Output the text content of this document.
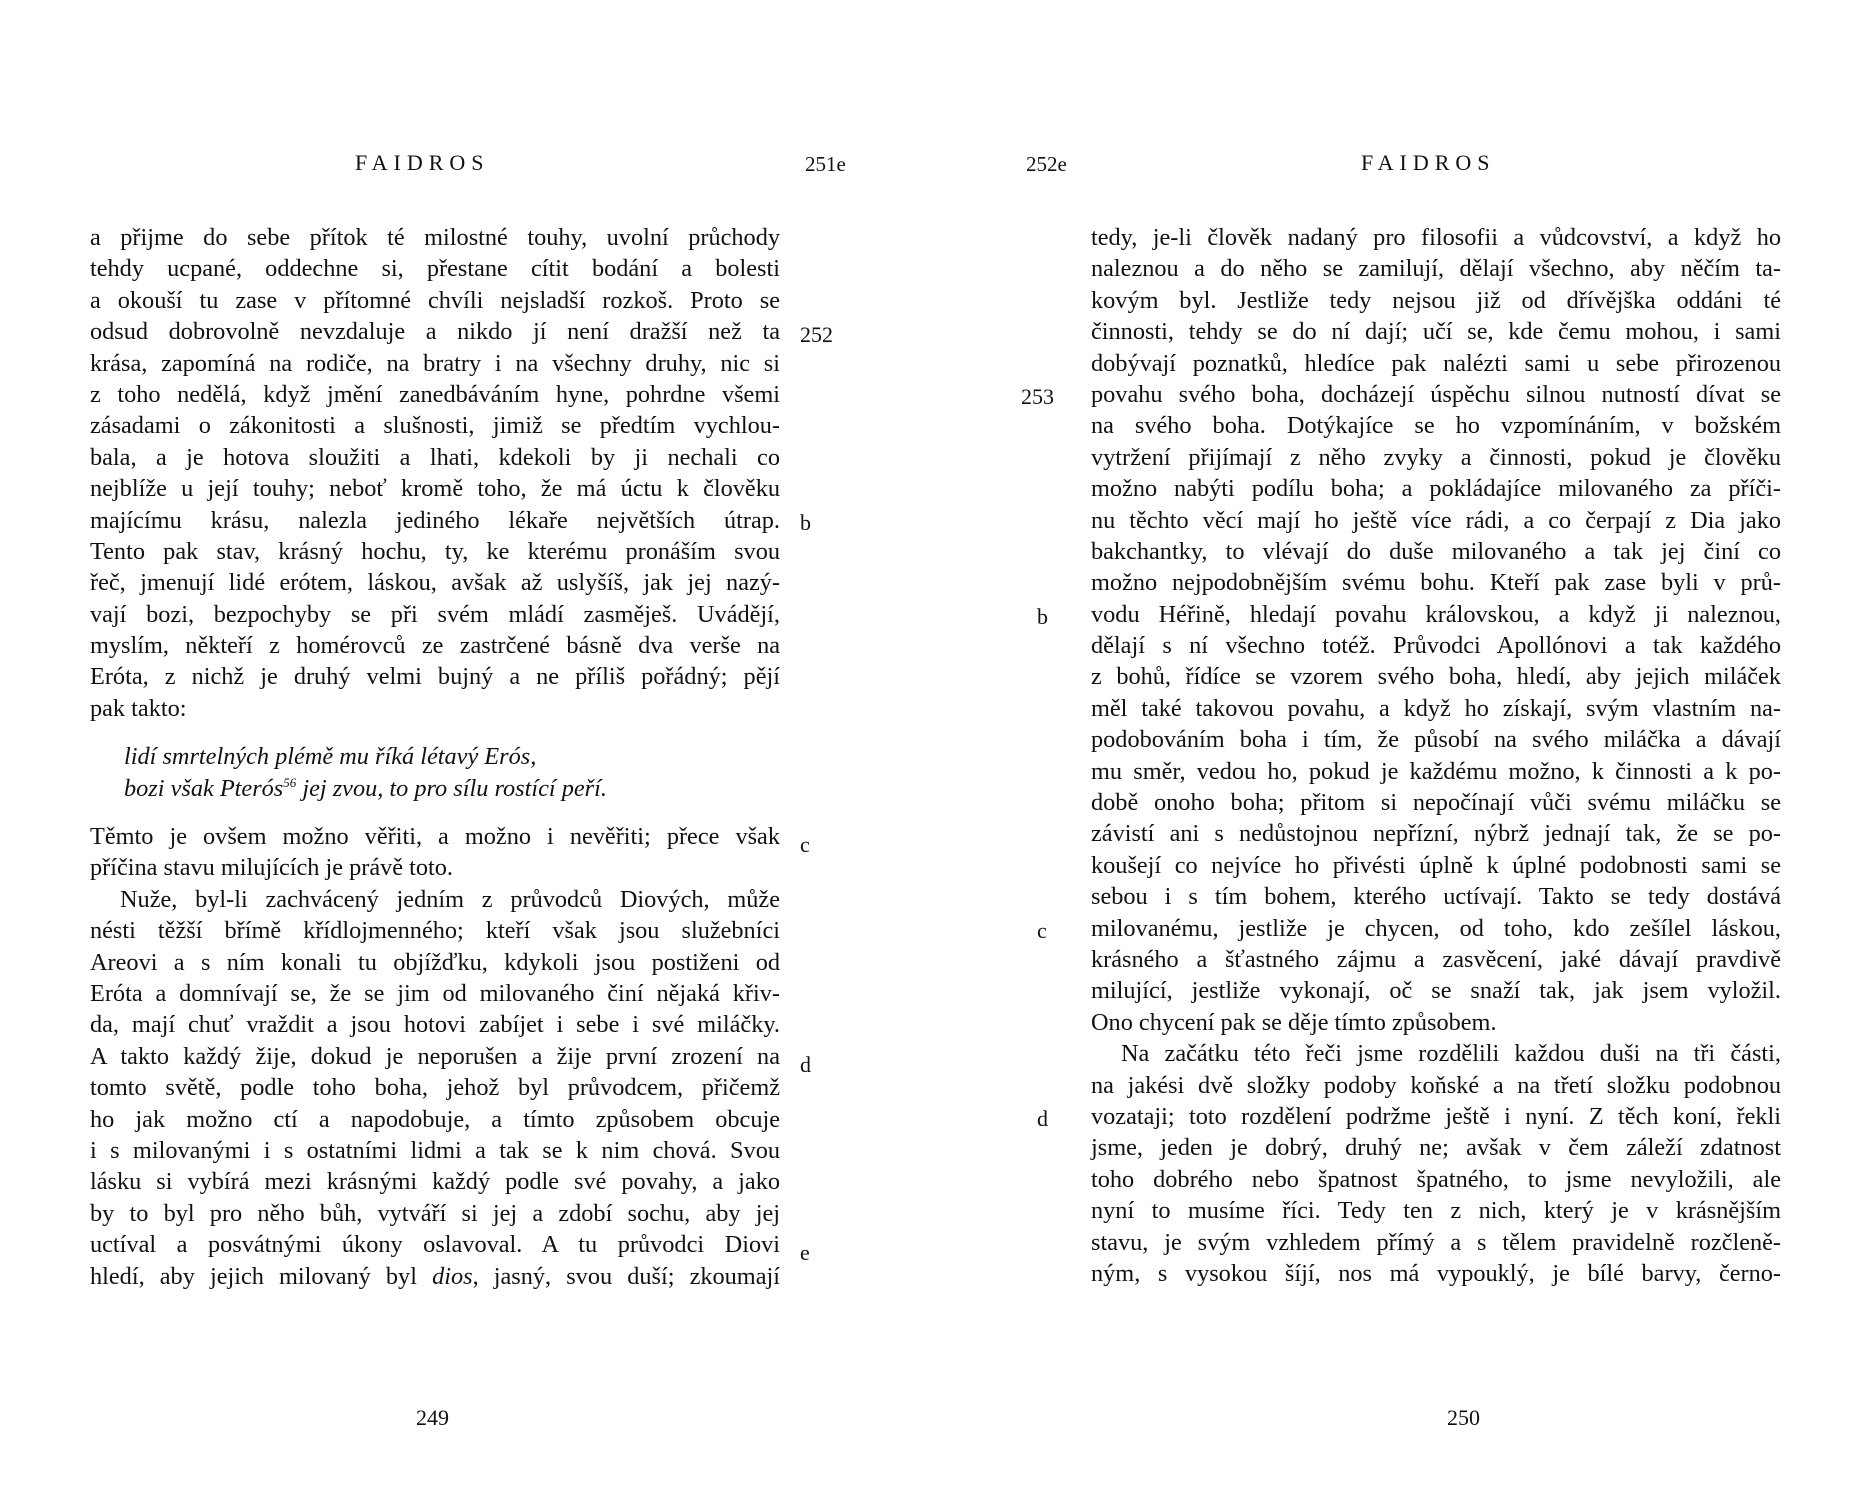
FAIDROS	251e
a přijme do sebe přítok té milostné touhy, uvolní průchody
tehdy ucpané, oddechne si, přestane cítit bodání a bolesti
a okouší tu zase v přítomné chvíli nejsladší rozkoš. Proto se
odsud dobrovolně nevzdaluje a nikdo jí není dražší než ta
krása, zapomíná na rodiče, na bratry i na všechny druhy, nic si
z toho nedělá, když jmění zanedbáváním hyne, pohrdne všemi
zásadami o zákonitosti a slušnosti, jimiž se předtím vychlou-
bala, a je hotova sloužiti a lhati, kdekoli by ji nechali co
nejblíže u její touhy; neboť kromě toho, že má úctu k člověku
majícímu krásu, nalezla jediného lékaře největších útrap.
Tento pak stav, krásný hochu, ty, ke kterému pronáším svou
řeč, jmenují lidé erótem, láskou, avšak až uslyšíš, jak jej nazý-
vají bozi, bezpochyby se při svém mládí zasměješ. Uvádějí,
myslím, někteří z homérovců ze zastrčené básně dva verše na
Eróta, z nichž je druhý velmi bujný a ne příliš pořádný; pějí
pak takto:
lidí smrtelných plémě mu říká létavý Erós,
bozi však Pterós$^{56}$ jej zvou, to pro sílu rostící peří.
Těmto je ovšem možno věřiti, a možno i nevěřiti; přece však
příčina stavu milujících je právě toto.
Nuže, byl-li zachvácený jedním z průvodců Diových, může
nésti těžší břímě křídlojmenného; kteří však jsou služebníci
Areovi a s ním konali tu objížďku, kdykoli jsou postiženi od
Eróta a domnívají se, že se jim od milovaného činí nějaká křiv-
da, mají chuť vraždit a jsou hotovi zabíjet i sebe i své miláčky.
A takto každý žije, dokud je neporušen a žije první zrození na
tomto světě, podle toho boha, jehož byl průvodcem, přičemž
ho jak možno ctí a napodobuje, a tímto způsobem obcuje
i s milovanými i s ostatními lidmi a tak se k nim chová. Svou
lásku si vybírá mezi krásnými každý podle své povahy, a jako
by to byl pro něho bůh, vytváří si jej a zdobí sochu, aby jej
uctíval a posvátnými úkony oslavoval. A tu průvodci Diovi
hledí, aby jejich milovaný byl dios, jasný, svou duší; zkoumají
252
b
c
d
e
249
252e	FAIDROS
tedy, je-li člověk nadaný pro filosofii a vůdcovství, a když ho
naleznou a do něho se zamilují, dělají všechno, aby něčím ta-
kovým byl. Jestliže tedy nejsou již od dřívějška oddáni té
činnosti, tehdy se do ní dají; učí se, kde čemu mohou, i sami
dobývají poznatků, hledíce pak nalézti sami u sebe přirozenou
povahu svého boha, docházejí úspěchu silnou nutností dívat se
na svého boha. Dotýkajíce se ho vzpomínáním, v božském
vytržení přijímají z něho zvyky a činnosti, pokud je člověku
možno nabýti podílu boha; a pokládajíce milovaného za příči-
nu těchto věcí mají ho ještě více rádi, a co čerpají z Dia jako
bakchantky, to vlévají do duše milovaného a tak jej činí co
možno nejpodobnějším svému bohu. Kteří pak zase byli v prů-
vodu Héřině, hledají povahu královskou, a když ji naleznou,
dělají s ní všechno totéž. Průvodci Apollónovi a tak každého
z bohů, řídíce se vzorem svého boha, hledí, aby jejich miláček
měl také takovou povahu, a když ho získají, svým vlastním na-
podobováním boha i tím, že působí na svého miláčka a dávají
mu směr, vedou ho, pokud je každému možno, k činnosti a k po-
době onoho boha; přitom si nepočínají vůči svému miláčku se
závistí ani s nedůstojnou nepřízní, nýbrž jednají tak, že se po-
koušejí co nejvíce ho přivésti úplně k úplné podobnosti sami se
sebou i s tím bohem, kterého uctívají. Takto se tedy dostává
milovanému, jestliže je chycen, od toho, kdo zešílel láskou,
krásného a šťastného zájmu a zasvěcení, jaké dávají pravdivě
milující, jestliže vykonají, oč se snaží tak, jak jsem vyložil.
Ono chycení pak se děje tímto způsobem.
Na začátku této řeči jsme rozdělili každou duši na tři části,
na jakési dvě složky podoby koňské a na třetí složku podobnou
vozataji; toto rozdělení podržme ještě i nyní. Z těch koní, řekli
jsme, jeden je dobrý, druhý ne; avšak v čem záleží zdatnost
toho dobrého nebo špatnost špatného, to jsme nevyložili, ale
nyní to musíme říci. Tedy ten z nich, který je v krásnějším
stavu, je svým vzhledem přímý a s tělem pravidelně rozčleně-
ným, s vysokou šíjí, nos má vypouklý, je bílé barvy, černo-
253
b
c
d
250
